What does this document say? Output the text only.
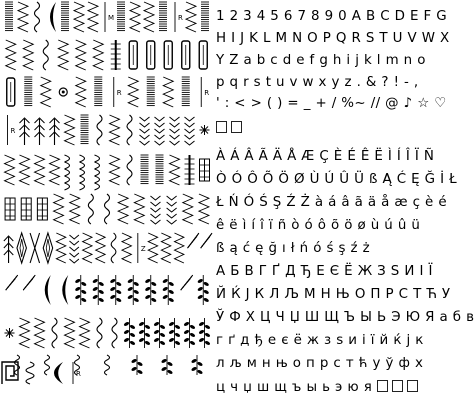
M	R
R	R
R
Z
R
1 2 3 4 5 6 7 8 9 0 A B C D E F G
H I J K L M N O P Q R S T U V W X
Y Z a b c d e f g h i j k l m n o
p q r s t u v w x y z . & ? ! - ,
' : < > ( ) = _ + / %~ // @ ♪ ☆ ♡
À Á Â Ã Ä Å Æ Ç È É Ê Ë Ì Í Î Ï Ñ
Ò Ó Ô Õ Ö Ø Ù Ú Û Ü ß Ą Ć Ę Ğ İ Ł
Ł Ń Ó Ś Ş Ź Ż à á â ã ä å æ ç è é
ê ë ì í î ï ñ ò ó ô õ ö ø ù ú û ü
ß ą ć ę ğ ı ł ń ó ś ş ź ż
А Б В Г Ґ Д Ђ Е Є Ё Ж З Ѕ И І Ї
Й Ќ Ј К Л Љ М Н Њ О П Р С Т Ћ У
Ў Ф Х Ц Ч Џ Ш Щ Ъ Ы Ь Э Ю Я а б в
г ґ д ђ е є ё ж з ѕ и і ї й ќ ј к
л љ м н њ о п р с т ћ у ў ф х
ц ч џ ш щ ъ ы ь э ю я
